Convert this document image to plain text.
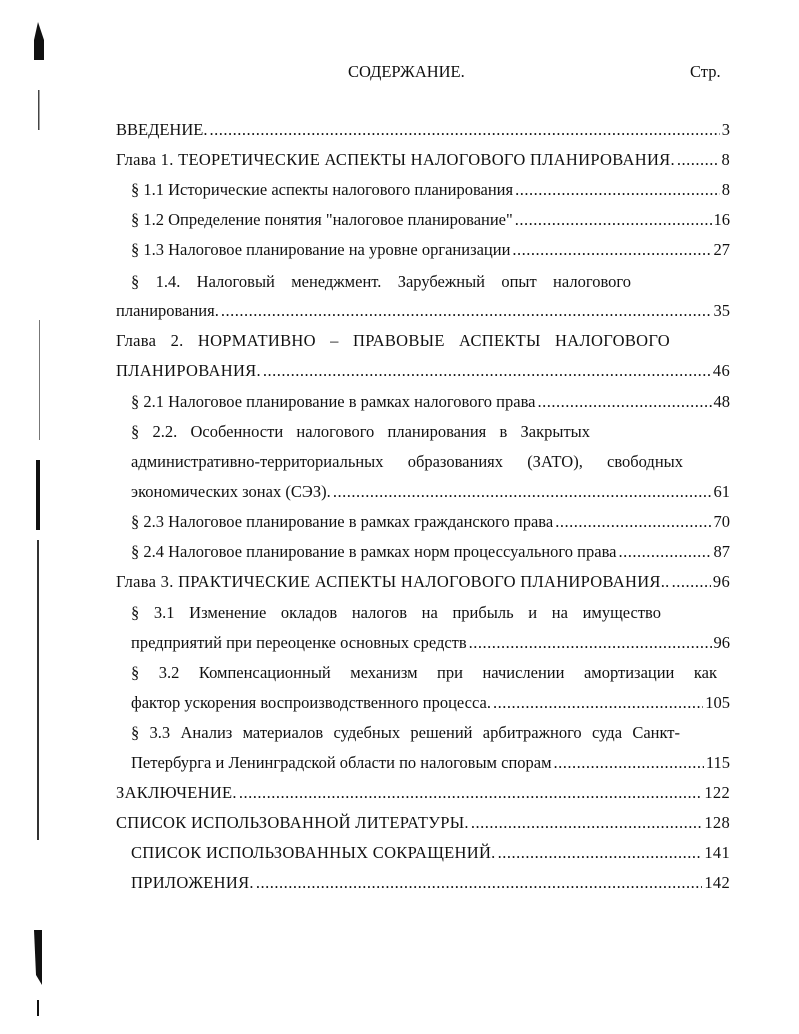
СОДЕРЖАНИЕ.	Стр.
ВВЕДЕНИЕ. .....	3
Глава 1. ТЕОРЕТИЧЕСКИЕ АСПЕКТЫ НАЛОГОВОГО ПЛАНИРОВАНИЯ. .....	8
§ 1.1 Исторические аспекты налогового планирования .....	8
§ 1.2 Определение понятия "налоговое планирование" .....	16
§ 1.3 Налоговое планирование на уровне организации .....	27
§ 1.4. Налоговый менеджмент. Зарубежный опыт налогового
планирования. .....	35
Глава 2. НОРМАТИВНО – ПРАВОВЫЕ АСПЕКТЫ НАЛОГОВОГО
ПЛАНИРОВАНИЯ. .....	46
§ 2.1 Налоговое планирование в рамках налогового права .....	48
§ 2.2. Особенности налогового планирования в Закрытых
административно-территориальных образованиях (ЗАТО), свободных
экономических зонах (СЭЗ). .....	61
§ 2.3 Налоговое планирование в рамках гражданского права .....	70
§ 2.4 Налоговое планирование в рамках норм процессуального права .....	87
Глава 3. ПРАКТИЧЕСКИЕ АСПЕКТЫ НАЛОГОВОГО ПЛАНИРОВАНИЯ.. .....	96
§ 3.1 Изменение окладов налогов на прибыль и на имущество
предприятий при переоценке основных средств .....	96
§ 3.2 Компенсационный механизм при начислении амортизации как
фактор ускорения воспроизводственного процесса. .....	105
§ 3.3 Анализ материалов судебных решений арбитражного суда Санкт-
Петербурга и Ленинградской области по налоговым спорам .....	115
ЗАКЛЮЧЕНИЕ. .....	122
СПИСОК ИСПОЛЬЗОВАННОЙ ЛИТЕРАТУРЫ. .....	128
СПИСОК ИСПОЛЬЗОВАННЫХ СОКРАЩЕНИЙ. .....	141
ПРИЛОЖЕНИЯ. .....	142
